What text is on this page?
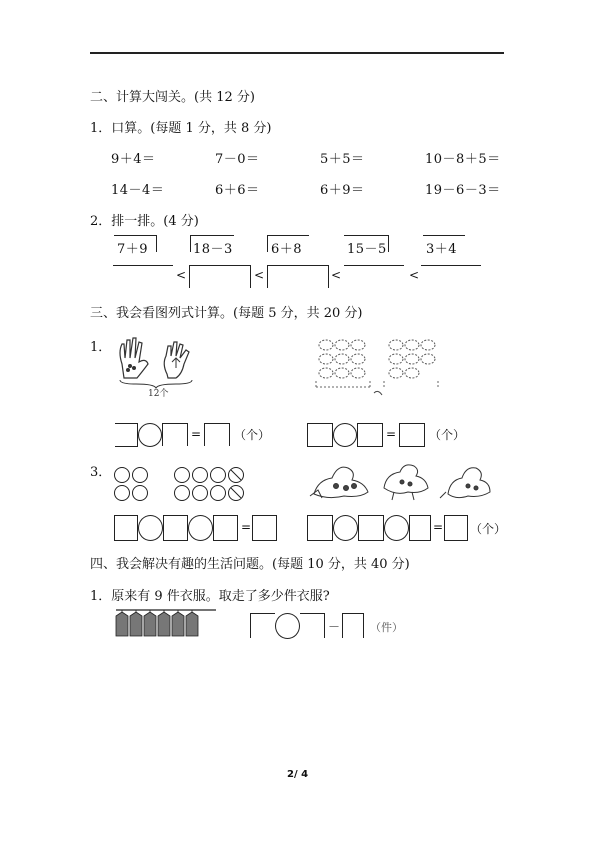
二、计算大闯关。(共 12 分)
1．口算。(每题 1 分，共 8 分)
9＋4＝	7－0＝	5＋5＝	10－8＋5＝
14－4＝	6＋6＝	6＋9＝	19－6－3＝
2．排一排。(4 分)
7＋9	18－3	6＋8	15－5	3＋4
<	<	<	<
三、我会看图列式计算。(每题 5 分，共 20 分)
1．
12个
=	（个）	=	（个）
3．
=	= （个）
四、我会解决有趣的生活问题。(每题 10 分，共 40 分)
1．原来有 9 件衣服。取走了多少件衣服?
－	（件）
2/ 4
